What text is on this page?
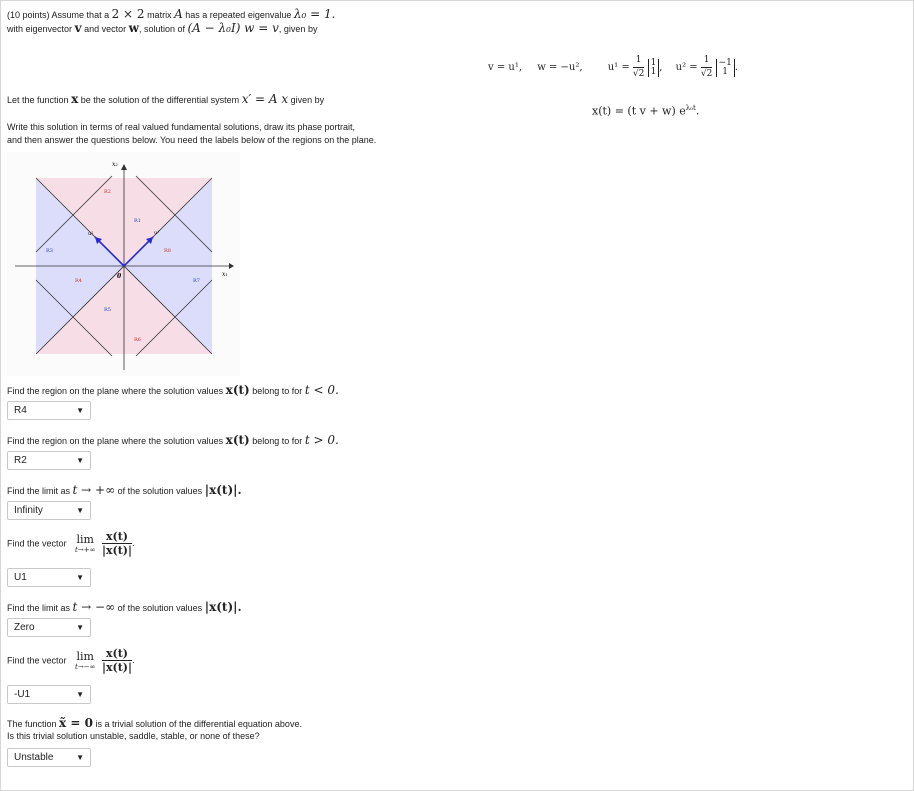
(10 points) Assume that a 2 × 2 matrix A has a repeated eigenvalue λ₀ = 1.
with eigenvector v and vector w, solution of (A − λ₀I) w = v, given by
v = u¹, w = −u²,	$u^1 = \frac{1}{√2}$
1
1 , $u^2 = \frac{1}{√2}$
−1
1 .
Let the function x be the solution of the differential system x′ = A x given by
x(t) = (t v + w) $e^{\lambda_0t}$.
Write this solution in terms of real valued fundamental solutions, draw its phase portrait,
and then answer the questions below. You need the labels below of the regions on the plane.
x₂
x₁
0
u¹
u²
R1
R2
R3
R4
R5
R6
R7
R8
Find the region on the plane where the solution values x(t) belong to for t < 0.
R4	▼
Find the region on the plane where the solution values x(t) belong to for t > 0.
R2	▼
Find the limit as t → +∞ of the solution values |x(t)|.
Infinity	▼
Find the vector lim
t→+∞
$\frac{x(t)}{|x(t)|}$ .
U1	▼
Find the limit as t → −∞ of the solution values |x(t)|.
Zero	▼
Find the vector lim
t→−∞
$\frac{x(t)}{|x(t)|}$ .
-U1	▼
The function x̃ = 0 is a trivial solution of the differential equation above.
Is this trivial solution unstable, saddle, stable, or none of these?
Unstable	▼
